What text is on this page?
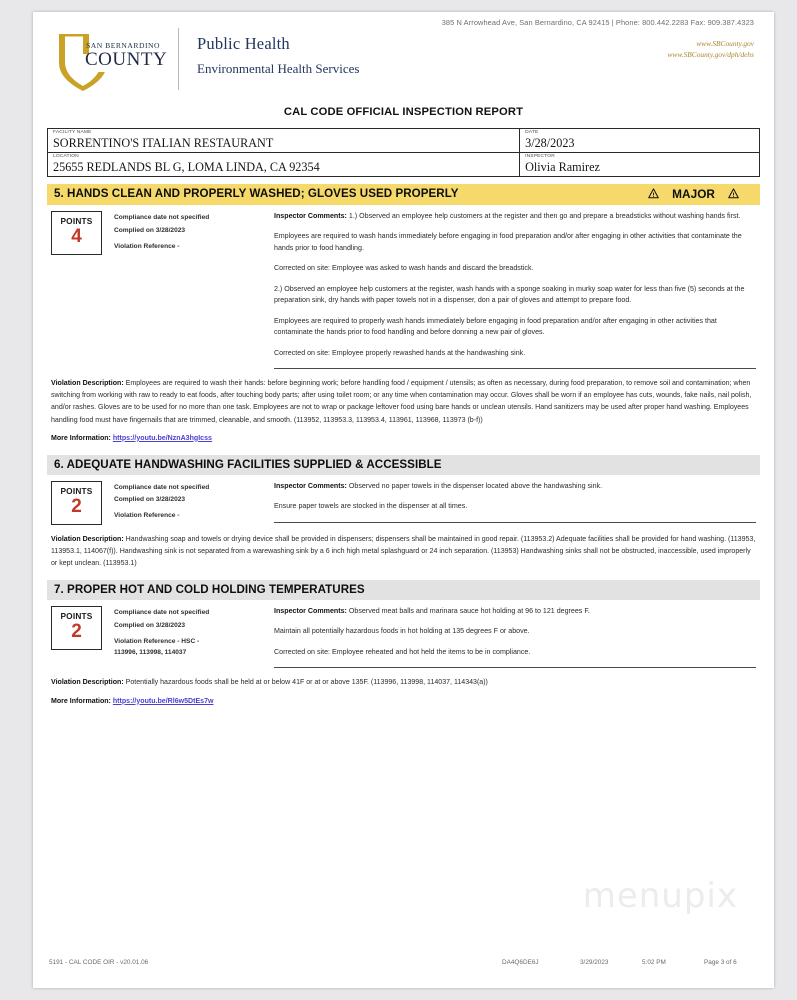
SAN BERNARDINO
COUNTY
Public Health
Environmental Health Services
385 N Arrowhead Ave, San Bernardino, CA 92415 | Phone: 800.442.2283 Fax: 909.387.4323
www.SBCounty.gov
www.SBCounty.gov/dph/dehs
CAL CODE OFFICIAL INSPECTION REPORT
FACILITY NAME
SORRENTINO'S ITALIAN RESTAURANT
DATE
3/28/2023
LOCATION
25655 REDLANDS BL G, LOMA LINDA, CA 92354
INSPECTOR
Olivia Ramirez
5. HANDS CLEAN AND PROPERLY WASHED; GLOVES USED PROPERLY	MAJOR
POINTS
4
Compliance date not specified
Complied on 3/28/2023
Violation Reference -
Inspector Comments: 1.) Observed an employee help customers at the register and then go and prepare a breadsticks without washing hands first.
Employees are required to wash hands immediately before engaging in food preparation and/or after engaging in other activities that contaminate the hands prior to food handling.
Corrected on site: Employee was asked to wash hands and discard the breadstick.
2.) Observed an employee help customers at the register, wash hands with a sponge soaking in murky soap water for less than five (5) seconds at the preparation sink, dry hands with paper towels not in a dispenser, don a pair of gloves and attempt to prepare food.
Employees are required to properly wash hands immediately before engaging in food preparation and/or after engaging in other activities that contaminate the hands prior to food handling and before donning a new pair of gloves.
Corrected on site: Employee properly rewashed hands at the handwashing sink.
Violation Description: Employees are required to wash their hands: before beginning work; before handling food / equipment / utensils; as often as necessary, during food preparation, to remove soil and contamination; when switching from working with raw to ready to eat foods, after touching body parts; after using toilet room; or any time when contamination may occur. Gloves shall be worn if an employee has cuts, wounds, fake nails, nail polish, and/or rashes. Gloves are to be used for no more than one task. Employees are not to wrap or package leftover food using bare hands or unclean utensils. Hand sanitizers may be used after proper hand washing. Employees handling food must have fingernails that are trimmed, cleanable, and smooth. (113952, 113953.3, 113953.4, 113961, 113968, 113973 (b-f))
More Information: https://youtu.be/NznA3hgIcss
6. ADEQUATE HANDWASHING FACILITIES SUPPLIED & ACCESSIBLE
POINTS
2
Compliance date not specified
Complied on 3/28/2023
Violation Reference -
Inspector Comments: Observed no paper towels in the dispenser located above the handwashing sink.
Ensure paper towels are stocked in the dispenser at all times.
Violation Description: Handwashing soap and towels or drying device shall be provided in dispensers; dispensers shall be maintained in good repair. (113953.2) Adequate facilities shall be provided for hand washing. (113953, 113953.1, 114067(f)). Handwashing sink is not separated from a warewashing sink by a 6 inch high metal splashguard or 24 inch separation. (113953) Handwashing sinks shall not be obstructed, inaccessible, used improperly or kept unclean. (113953.1)
7. PROPER HOT AND COLD HOLDING TEMPERATURES
POINTS
2
Compliance date not specified
Complied on 3/28/2023
Violation Reference - HSC -
113996, 113998, 114037
Inspector Comments: Observed meat balls and marinara sauce hot holding at 96 to 121 degrees F.
Maintain all potentially hazardous foods in hot holding at 135 degrees F or above.
Corrected on site: Employee reheated and hot held the items to be in compliance.
Violation Description: Potentially hazardous foods shall be held at or below 41F or at or above 135F. (113996, 113998, 114037, 114343(a))
More Information: https://youtu.be/Rl6w5DtEs7w

menupix
5191 - CAL CODE OIR - v20.01.06	DA4Q6DE6J	3/29/2023	5:02 PM	Page 3 of 6
